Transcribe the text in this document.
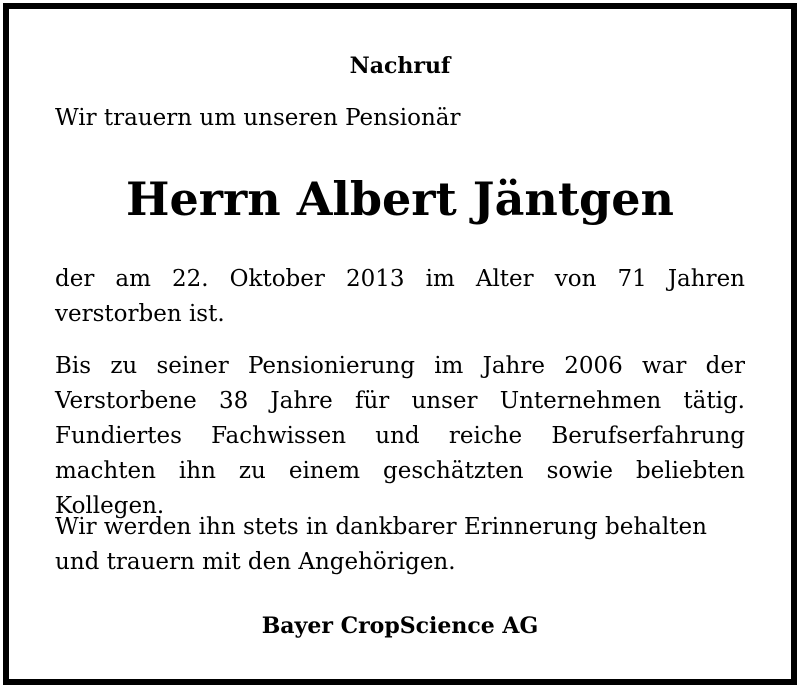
Nachruf
Wir trauern um unseren Pensionär
Herrn Albert Jäntgen

der am 22. Oktober 2013 im Alter von 71 Jahren verstorben ist.

Bis zu seiner Pensionierung im Jahre 2006 war der Verstorbene 38 Jahre für unser Unternehmen tätig. Fundiertes Fachwissen und reiche Berufserfahrung machten ihn zu einem geschätzten sowie beliebten Kollegen.

Wir werden ihn stets in dankbarer Erinnerung behalten und trauern mit den Angehörigen.

Bayer CropScience AG
